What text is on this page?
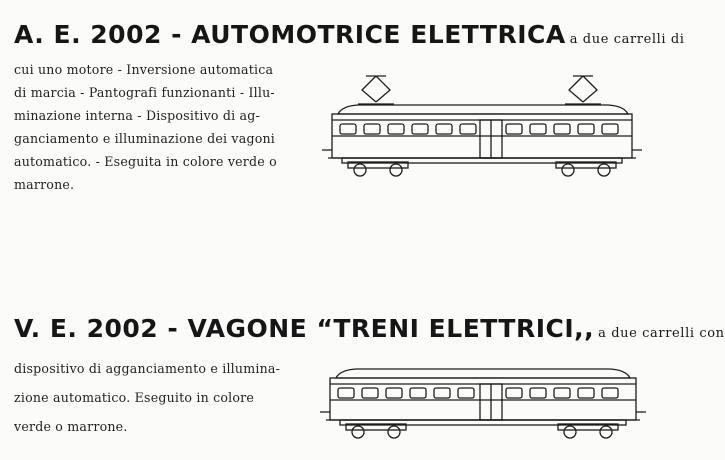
A. E. 2002 - AUTOMOTRICE ELETTRICA a due carrelli di
cui uno motore - Inversione automatica
di marcia - Pantografi funzionanti - Illu-
minazione interna - Dispositivo di ag-
ganciamento e illuminazione dei vagoni
automatico. - Eseguita in colore verde o
marrone.
V. E. 2002 - VAGONE “TRENI ELETTRICI,, a due carrelli con
dispositivo di agganciamento e illumina-
zione automatico. Eseguito in colore
verde o marrone.
